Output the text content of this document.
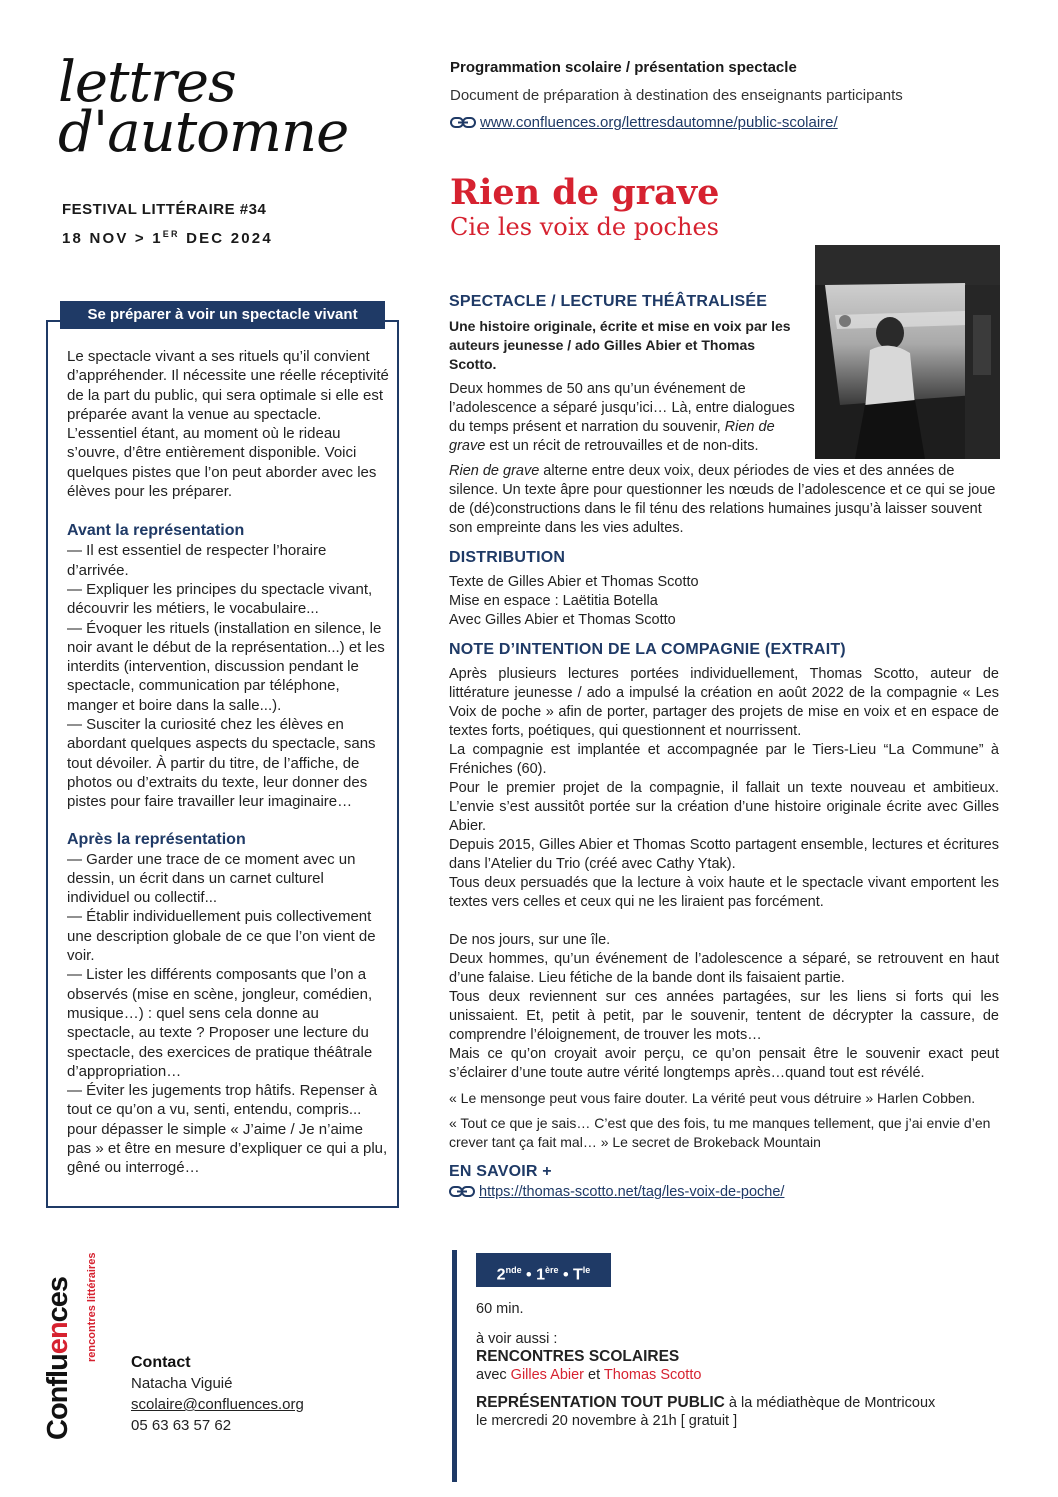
lettres
d'automne
FESTIVAL LITTÉRAIRE #34
18 NOV > 1ER DEC 2024
Programmation scolaire / présentation spectacle
Document de préparation à destination des enseignants participants
www.confluences.org/lettresdautomne/public-scolaire/
Rien de grave
Cie les voix de poches
Se préparer à voir un spectacle vivant

Le spectacle vivant a ses rituels qu’il convient d’appréhender. Il nécessite une réelle réceptivité de la part du public, qui sera optimale si elle est préparée avant la venue au spectacle. L’essentiel étant, au moment où le rideau s’ouvre, d’être entièrement disponible. Voici quelques pistes que l’on peut aborder avec les élèves pour les préparer.

Avant la représentation

— Il est essentiel de respecter l’horaire d’arrivée.

— Expliquer les principes du spectacle vivant, découvrir les métiers, le vocabulaire...

— Évoquer les rituels (installation en silence, le noir avant le début de la représentation...) et les interdits (intervention, discussion pendant le spectacle, communication par téléphone, manger et boire dans la salle...).

— Susciter la curiosité chez les élèves en abordant quelques aspects du spectacle, sans tout dévoiler. À partir du titre, de l’affiche, de photos ou d’extraits du texte, leur donner des pistes pour faire travailler leur imaginaire…

Après la représentation

— Garder une trace de ce moment avec un dessin, un écrit dans un carnet culturel individuel ou collectif...

— Établir individuellement puis collectivement une description globale de ce que l’on vient de voir.

— Lister les différents composants que l’on a observés (mise en scène, jongleur, comédien, musique…) : quel sens cela donne au spectacle, au texte ? Proposer une lecture du spectacle, des exercices de pratique théâtrale d’appropriation…

— Éviter les jugements trop hâtifs. Repenser à tout ce qu’on a vu, senti, entendu, compris... pour dépasser le simple « J’aime / Je n’aime pas » et être en mesure d’expliquer ce qui a plu, gêné ou interrogé…

SPECTACLE / LECTURE THÉÂTRALISÉE

Une histoire originale, écrite et mise en voix par les auteurs jeunesse / ado Gilles Abier et Thomas Scotto.

Deux hommes de 50 ans qu’un événement de l’adolescence a séparé jusqu’ici… Là, entre dialogues du temps présent et narration du souvenir, Rien de grave est un récit de retrouvailles et de non-dits.

Rien de grave alterne entre deux voix, deux périodes de vies et des années de silence. Un texte âpre pour questionner les nœuds de l’adolescence et ce qui se joue de (dé)constructions dans le fil ténu des relations humaines jusqu’à laisser souvent son empreinte dans les vies adultes.

DISTRIBUTION

Texte de Gilles Abier et Thomas Scotto
Mise en espace : Laëtitia Botella
Avec Gilles Abier et Thomas Scotto

NOTE D’INTENTION DE LA COMPAGNIE (EXTRAIT)
Après plusieurs lectures portées individuellement, Thomas Scotto, auteur de littérature jeunesse / ado a impulsé la création en août 2022 de la compagnie « Les Voix de poche » afin de porter, partager des projets de mise en voix et en espace de textes forts, poétiques, qui questionnent et nourrissent.
La compagnie est implantée et accompagnée par le Tiers-Lieu “La Commune” à Fréniches (60).
Pour le premier projet de la compagnie, il fallait un texte nouveau et ambitieux. L’envie s’est aussitôt portée sur la création d’une histoire originale écrite avec Gilles Abier.
Depuis 2015, Gilles Abier et Thomas Scotto partagent ensemble, lectures et écritures dans l’Atelier du Trio (créé avec Cathy Ytak).
Tous deux persuadés que la lecture à voix haute et le spectacle vivant emportent les textes vers celles et ceux qui ne les liraient pas forcément.
De nos jours, sur une île.
Deux hommes, qu’un événement de l’adolescence a séparé, se retrouvent en haut d’une falaise. Lieu fétiche de la bande dont ils faisaient partie.
Tous deux reviennent sur ces années partagées, sur les liens si forts qui les unissaient. Et, petit à petit, par le souvenir, tentent de décrypter la cassure, de comprendre l’éloignement, de trouver les mots…
Mais ce qu’on croyait avoir perçu, ce qu’on pensait être le souvenir exact peut s’éclairer d’une toute autre vérité longtemps après…quand tout est révélé.

« Le mensonge peut vous faire douter. La vérité peut vous détruire » Harlen Cobben.

« Tout ce que je sais… C’est que des fois, tu me manques tellement, que j’ai envie d’en crever tant ça fait mal… » Le secret de Brokeback Mountain

EN SAVOIR +

https://thomas-scotto.net/tag/les-voix-de-poche/

2nde • 1ère • $T^{le}$

60 min.

à voir aussi :

RENCONTRES SCOLAIRES

avec Gilles Abier et Thomas Scotto

REPRÉSENTATION TOUT PUBLIC à la médiathèque de Montricoux

le mercredi 20 novembre à 21h [ gratuit ]

Confluences rencontres littéraires
Contact
Natacha Viguié
scolaire@confluences.org
05 63 63 57 62
